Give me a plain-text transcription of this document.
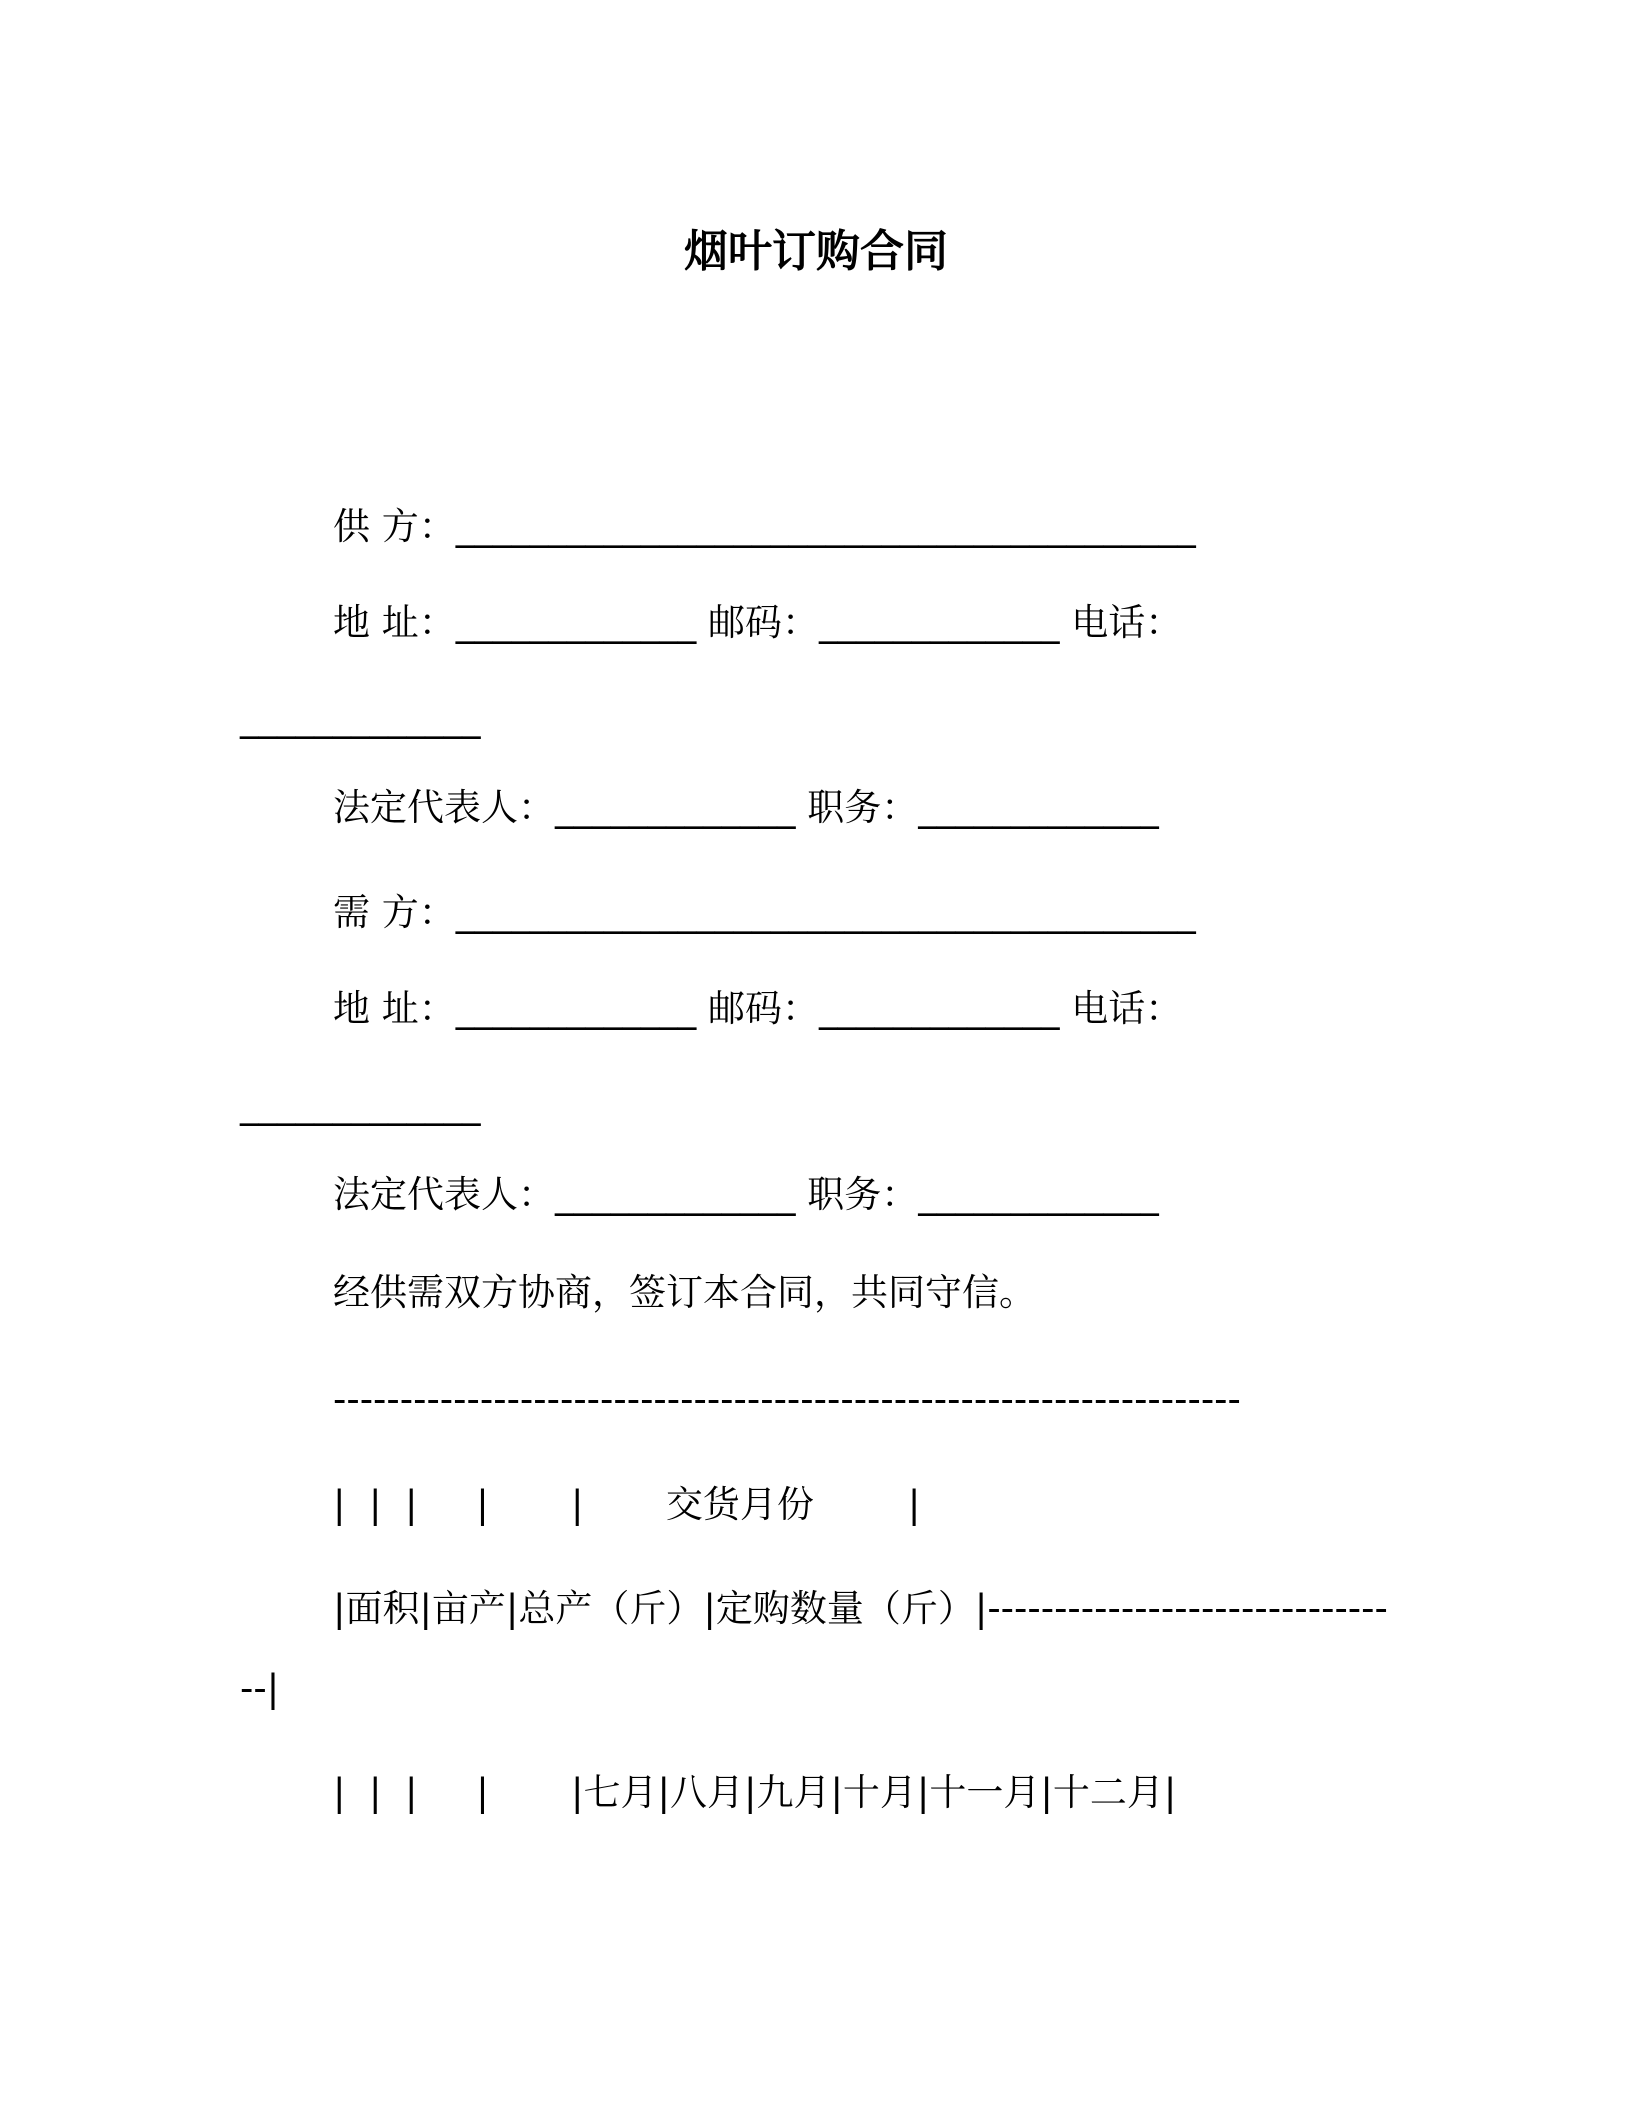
烟叶订购合同

供 方：________________________________________

地 址：_____________ 邮码：_____________ 电话：

_____________

法定代表人：_____________ 职务：_____________

需 方：________________________________________

地 址：_____________ 邮码：_____________ 电话：

_____________

法定代表人：_____________ 职务：_____________

经供需双方协商，签订本合同，共同守信。

--------------------------------------------------------------------

|  |  |     |       |       交货月份        |

|面积|亩产|总产（斤）|定购数量（斤）|------------------------------

--|

|  |  |     |       |七月|八月|九月|十月|十一月|十二月|
